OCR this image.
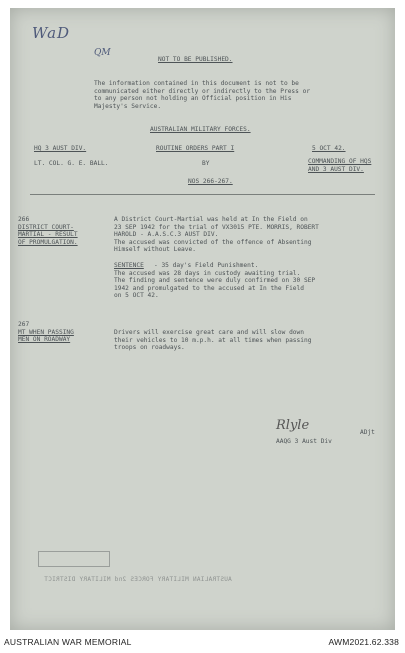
WaD
QM
NOT TO BE PUBLISHED.
The information contained in this document is not to be
communicated either directly or indirectly to the Press or
to any person not holding an Official position in His
Majesty's Service.
AUSTRALIAN MILITARY FORCES.
HQ 3 AUST DIV.	ROUTINE ORDERS PART I	5 OCT 42.
LT. COL. G. E. BALL.	BY	COMMANDING OF HQS
AND 3 AUST DIV.
NOS 266-267.
266
DISTRICT COURT-
MARTIAL - RESULT
OF PROMULGATION.
A District Court-Martial was held at In the Field on
23 SEP 1942 for the trial of VX3015 PTE. MORRIS, ROBERT
HAROLD - A.A.S.C.3 AUST DIV.
The accused was convicted of the offence of Absenting
Himself without Leave.
SENTENCE - 35 day's Field Punishment.
The accused was 28 days in custody awaiting trial.
The finding and sentence were duly confirmed on 30 SEP
1942 and promulgated to the accused at In the Field
on 5 OCT 42.
267
MT WHEN PASSING
MEN ON ROADWAY
Drivers will exercise great care and will slow down
their vehicles to 10 m.p.h. at all times when passing
troops on roadways.
Rlyle	ADjt
AAQG 3 Aust Div
AUSTRALIAN MILITARY FORCES 2nd MILITARY DISTRICT
AUSTRALIAN WAR MEMORIAL	AWM2021.62.338
